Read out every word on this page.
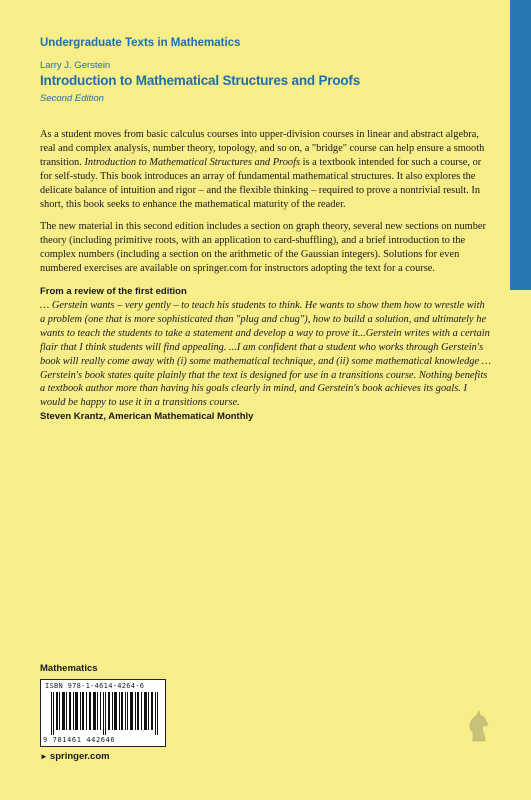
Undergraduate Texts in Mathematics
Larry J. Gerstein
Introduction to Mathematical Structures and Proofs
Second Edition

As a student moves from basic calculus courses into upper-division courses in linear and abstract algebra, real and complex analysis, number theory, topology, and so on, a "bridge" course can help ensure a smooth transition. Introduction to Mathematical Structures and Proofs is a textbook intended for such a course, or for self-study. This book introduces an array of fundamental mathematical structures. It also explores the delicate balance of intuition and rigor – and the flexible thinking – required to prove a nontrivial result. In short, this book seeks to enhance the mathematical maturity of the reader.

The new material in this second edition includes a section on graph theory, several new sections on number theory (including primitive roots, with an application to card-shuffling), and a brief introduction to the complex numbers (including a section on the arithmetic of the Gaussian integers). Solutions for even numbered exercises are available on springer.com for instructors adopting the text for a course.

From a review of the first edition
… Gerstein wants – very gently – to teach his students to think. He wants to show them how to wrestle with a problem (one that is more sophisticated than "plug and chug"), how to build a solution, and ultimately he wants to teach the students to take a statement and develop a way to prove it...Gerstein writes with a certain flair that I think students will find appealing. ...I am confident that a student who works through Gerstein's book will really come away with (i) some mathematical technique, and (ii) some mathematical knowledge …
Gerstein's book states quite plainly that the text is designed for use in a transitions course. Nothing benefits a textbook author more than having his goals clearly in mind, and Gerstein's book achieves its goals. I would be happy to use it in a transitions course.
Steven Krantz, American Mathematical Monthly
Mathematics
ISBN 978-1-4614-4264-6
9 781461 442646
► springer.com
